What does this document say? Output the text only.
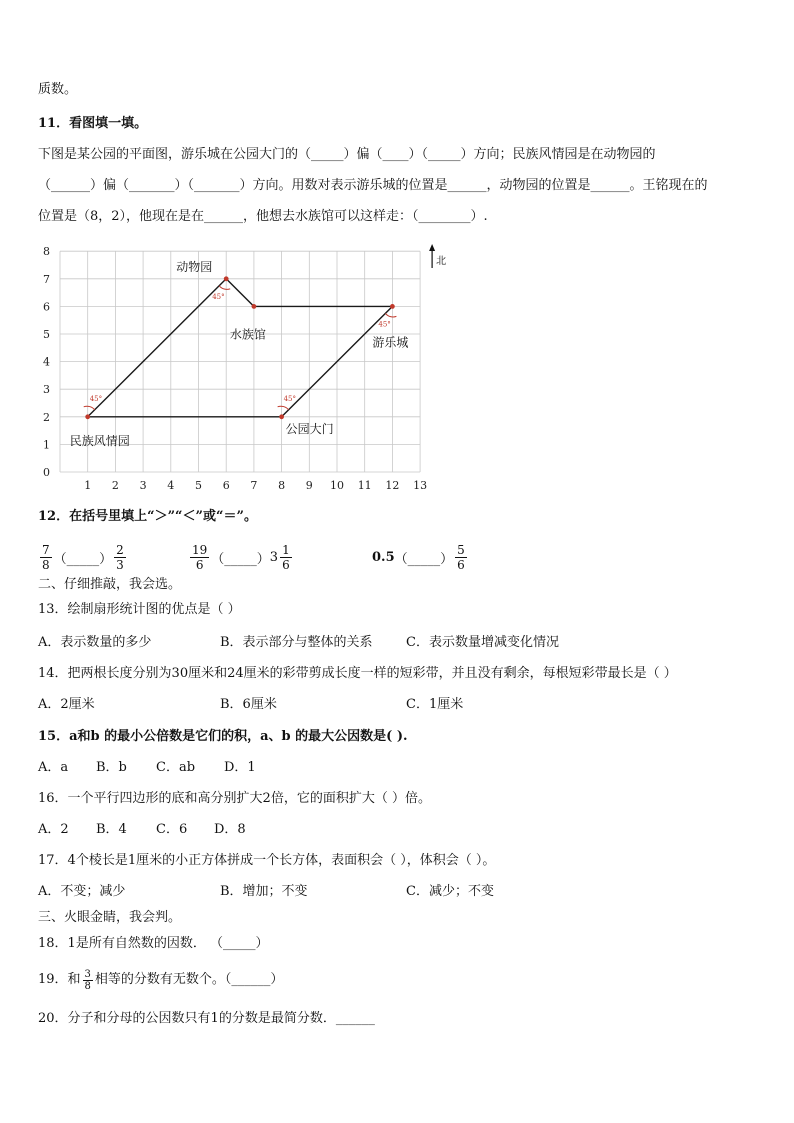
质数。
11．看图填一填。
下图是某公园的平面图，游乐城在公园大门的（_____）偏（____）（_____）方向；民族风情园是在动物园的
（______）偏（_______）（_______）方向。用数对表示游乐城的位置是______，动物园的位置是______。王铭现在的
位置是（8，2），他现在是在______，他想去水族馆可以这样走：（________）.
1 2 3 4 5 6 7 8 9 10 11 12 13
0
1
2
3
4
5
6
7
8
45°	45°
45°
45°
民族风情园
公园大门
游乐城
水族馆
动物园	北
12．在括号里填上“＞”“＜”或“＝”。
$\frac{7}{8}$ （_____） $\frac{2}{3}$	$\frac{19}{6}$ （_____） $3 \frac{1}{6}$	0.5 （_____） $\frac{5}{6}$
二、仔细推敲，我会选。
13．绘制扇形统计图的优点是（ ）
A．表示数量的多少	B．表示部分与整体的关系	C．表示数量增减变化情况
14．把两根长度分别为30厘米和24厘米的彩带剪成长度一样的短彩带，并且没有剩余，每根短彩带最长是（ ）
A．2厘米	B．6厘米	C．1厘米
15．a和b 的最小公倍数是它们的积，a、b 的最大公因数是( ).
A．a B．b C．ab D．1
16．一个平行四边形的底和高分别扩大2倍，它的面积扩大（ ）倍。
A．2 B．4 C．6 D．8
17．4个棱长是1厘米的小正方体拼成一个长方体，表面积会（ ），体积会（ ）。
A．不变；减少	B．增加；不变	C．减少；不变
三、火眼金睛，我会判。
18．1是所有自然数的因数． （_____）
19．和 $\frac{3}{8}$ 相等的分数有无数个。（______）
20．分子和分母的公因数只有1的分数是最简分数．______
